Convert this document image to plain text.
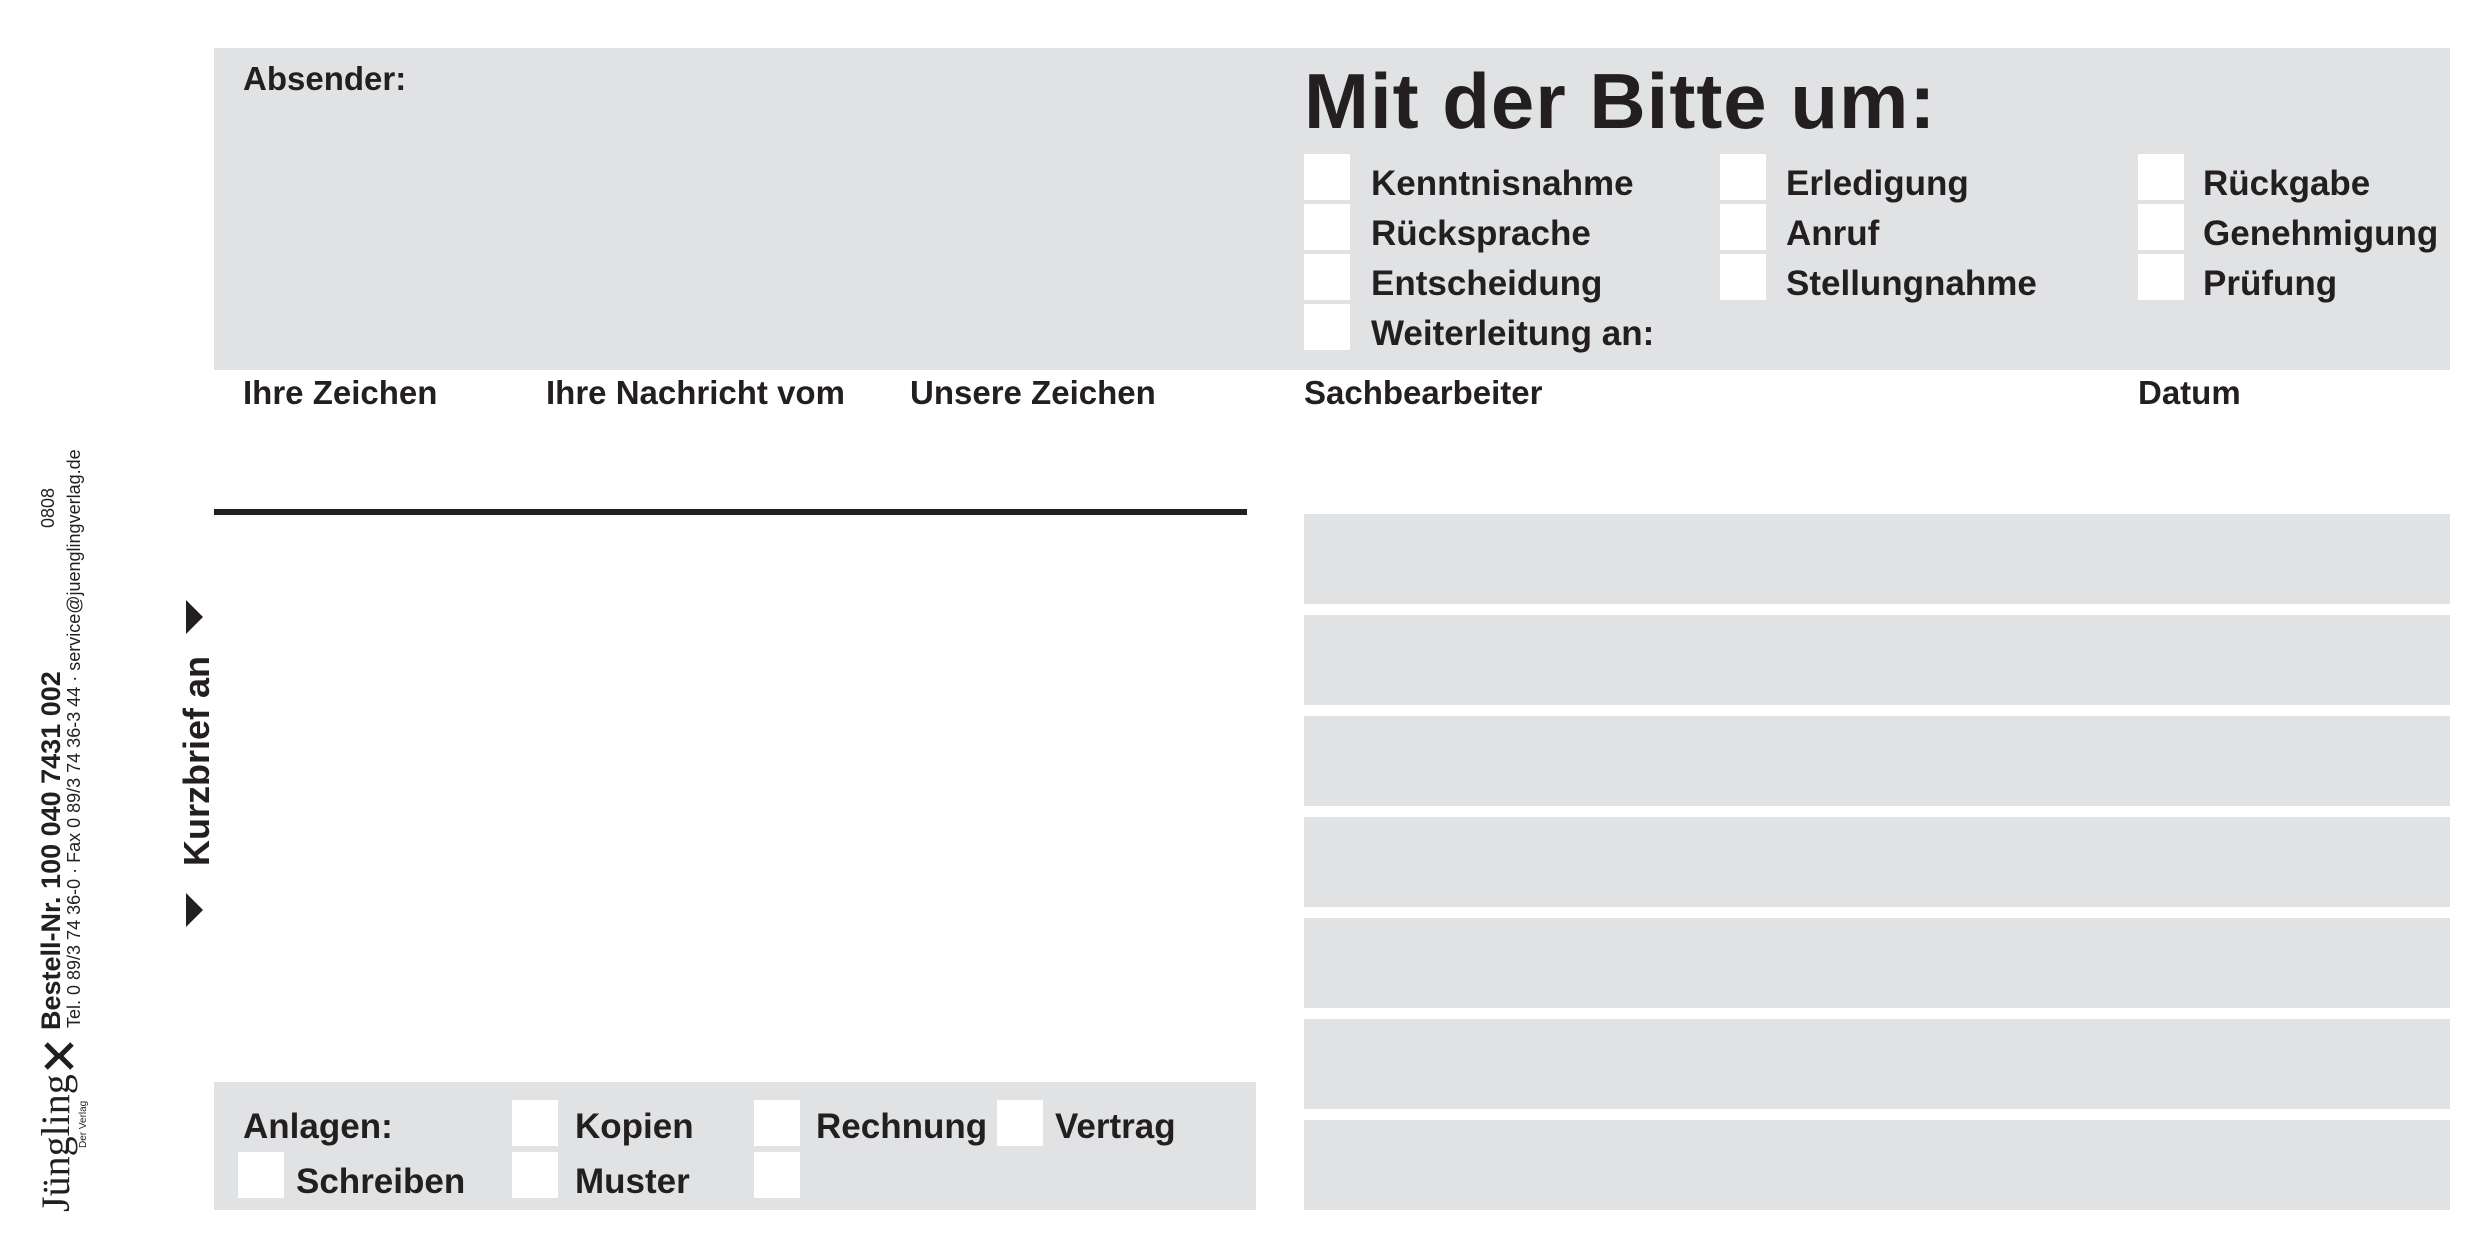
Absender:	Mit der Bitte um:
Kenntnisnahme
Rücksprache
Entscheidung
Weiterleitung an:
Erledigung
Anruf
Stellungnahme
Rückgabe
Genehmigung
Prüfung
Ihre Zeichen	Ihre Nachricht vom Unsere Zeichen	Sachbearbeiter	Datum
Anlagen:	Kopien	Rechnung Vertrag
Schreiben	Muster
Kurzbrief an
Bestell-Nr. 100 040 7431 002
Tel. 0 89/3 74 36-0 · Fax 0 89/3 74 36-3 44 · service@juenglingverlag.de
0808
Jüngling Der Verlag
